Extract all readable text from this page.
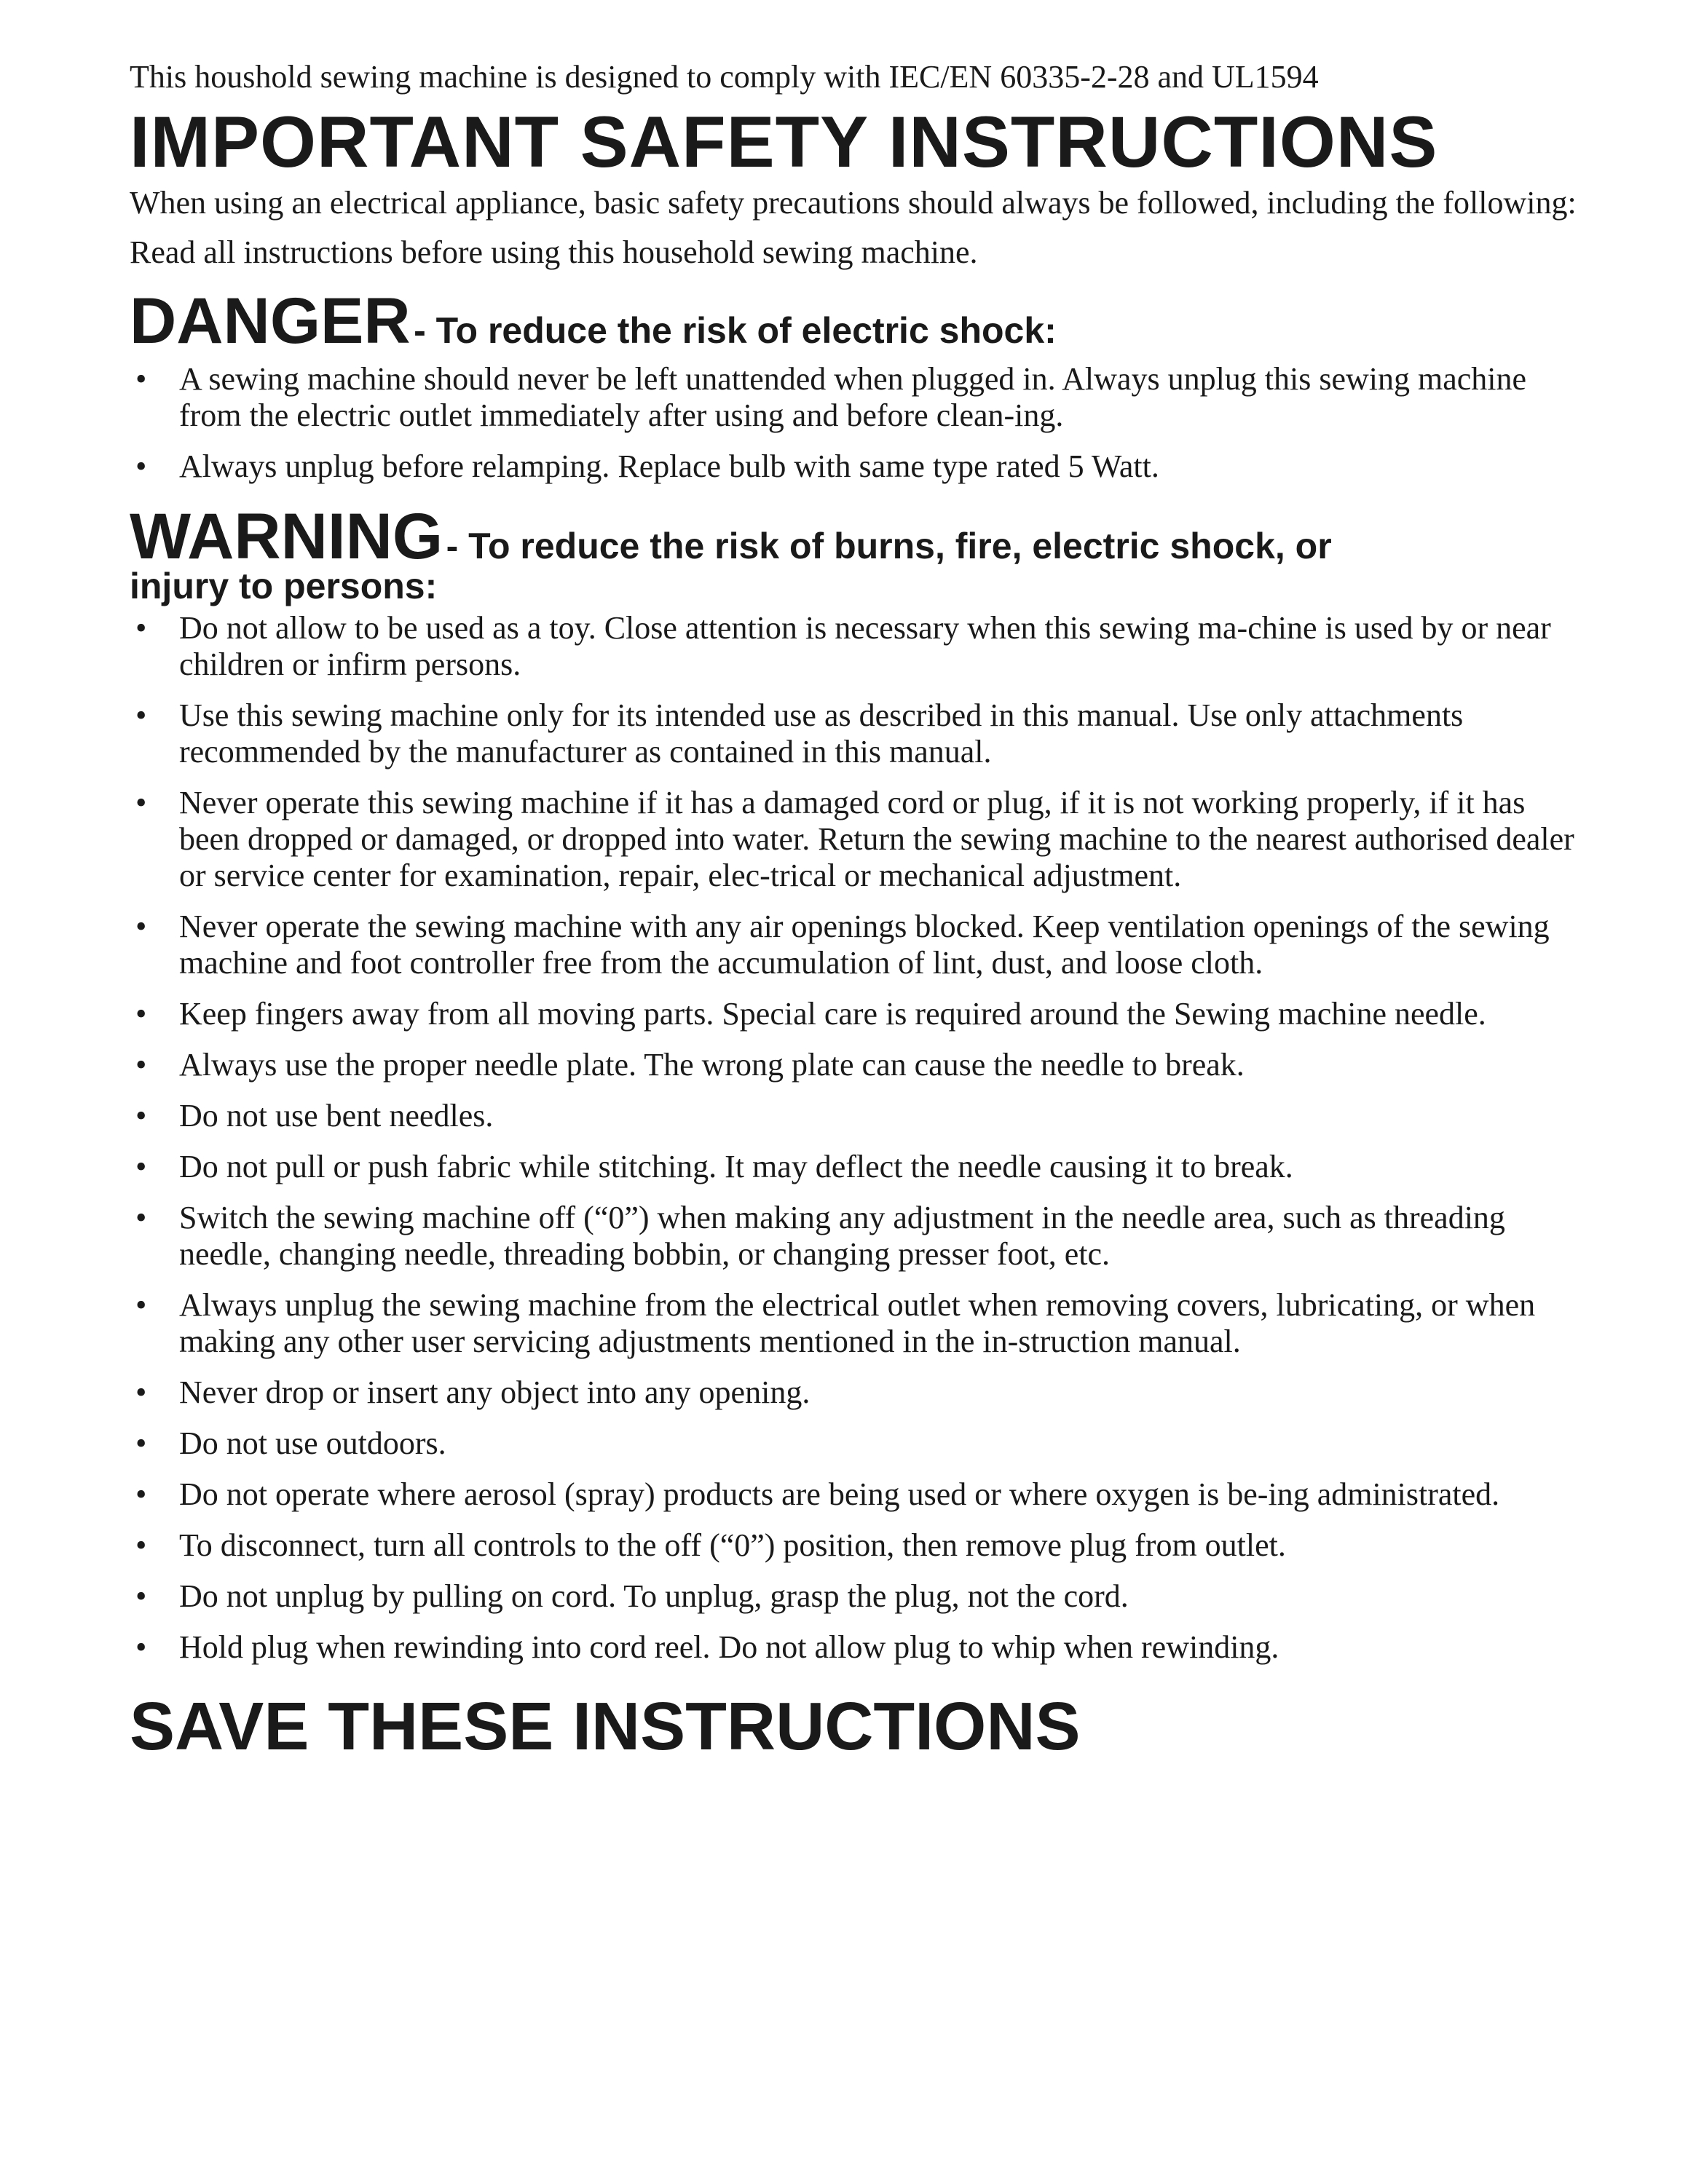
This houshold sewing machine is designed to comply with IEC/EN 60335-2-28 and UL1594

IMPORTANT SAFETY INSTRUCTIONS

When using an electrical appliance, basic safety precautions should always be followed, including the following:

Read all instructions before using this household sewing machine.

DANGER - To reduce the risk of electric shock:
• A sewing machine should never be left unattended when plugged in. Always unplug this sewing machine from the electric outlet immediately after using and before clean-ing.
• Always unplug before relamping. Replace bulb with same type rated 5 Watt.
WARNING - To reduce the risk of burns, fire, electric shock, or
injury to persons:
• Do not allow to be used as a toy. Close attention is necessary when this sewing ma-chine is used by or near children or infirm persons.
• Use this sewing machine only for its intended use as described in this manual. Use only attachments recommended by the manufacturer as contained in this manual.
• Never operate this sewing machine if it has a damaged cord or plug, if it is not working properly, if it has been dropped or damaged, or dropped into water. Return the sewing machine to the nearest authorised dealer or service center for examination, repair, elec-trical or mechanical adjustment.
• Never operate the sewing machine with any air openings blocked. Keep ventilation openings of the sewing machine and foot controller free from the accumulation of lint, dust, and loose cloth.
• Keep fingers away from all moving parts. Special care is required around the Sewing machine needle.
• Always use the proper needle plate. The wrong plate can cause the needle to break.
• Do not use bent needles.
• Do not pull or push fabric while stitching. It may deflect the needle causing it to break.
• Switch the sewing machine off (“0”) when making any adjustment in the needle area, such as threading needle, changing needle, threading bobbin, or changing presser foot, etc.
• Always unplug the sewing machine from the electrical outlet when removing covers, lubricating, or when making any other user servicing adjustments mentioned in the in-struction manual.
• Never drop or insert any object into any opening.
• Do not use outdoors.
• Do not operate where aerosol (spray) products are being used or where oxygen is be-ing administrated.
• To disconnect, turn all controls to the off (“0”) position, then remove plug from outlet.
• Do not unplug by pulling on cord. To unplug, grasp the plug, not the cord.
• Hold plug when rewinding into cord reel. Do not allow plug to whip when rewinding.
SAVE THESE INSTRUCTIONS
